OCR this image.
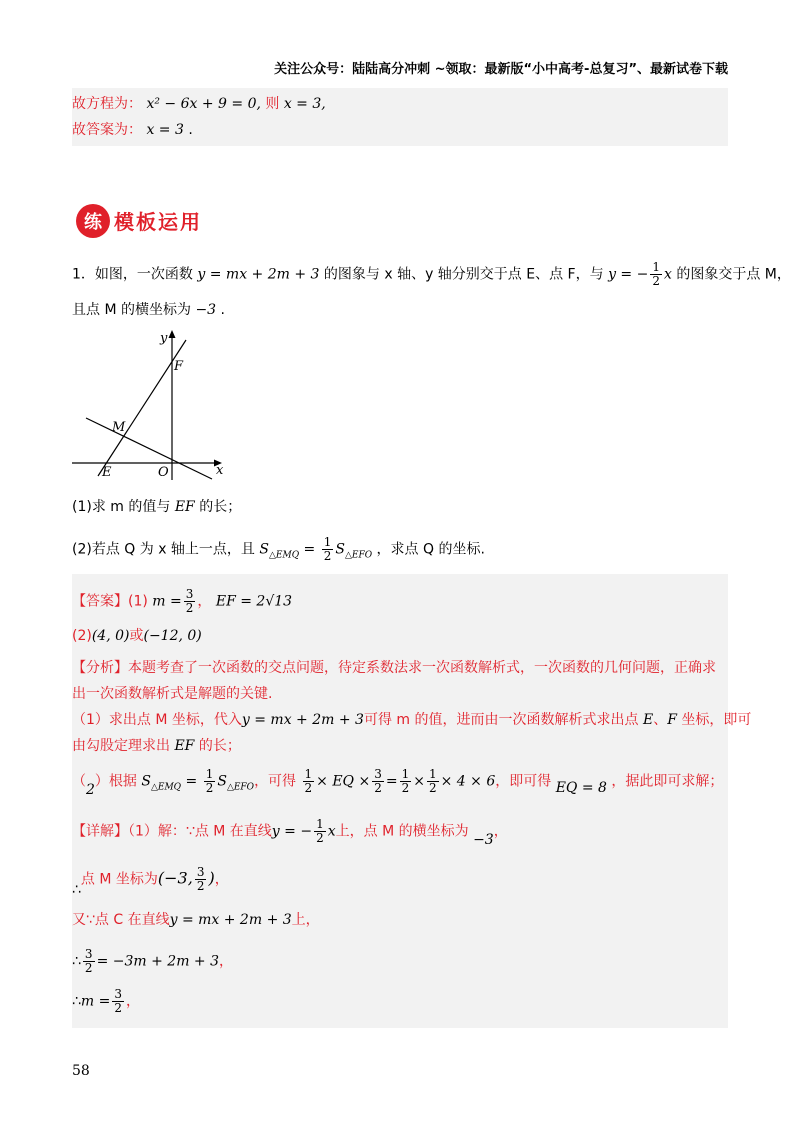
关注公众号：陆陆高分冲刺 ~领取：最新版“小中高考-总复习”、最新试卷下载
故方程为： x² − 6x + 9 = 0, 则 x = 3,
故答案为： x = 3 .
练 模板运用
1．如图，一次函数 y = mx + 2m + 3 的图象与 x 轴、y 轴分别交于点 E、点 F，与 y = − $\frac{1}{2}$ x 的图象交于点 M，
且点 M 的横坐标为 −3 .
y
x
F
M
E	O
(1)求 m 的值与 EF 的长；
(2)若点 Q 为 x 轴上一点，且 $S_{\triangle EMQ} = \frac{1}{2} S_{\triangle EFO}$ ，求点 Q 的坐标.
【答案】(1) $m = \frac{3}{2}$ ， EF = 2√13
(2)(4, 0)或(−12, 0)
【分析】本题考查了一次函数的交点问题，待定系数法求一次函数解析式，一次函数的几何问题，正确求
出一次函数解析式是解题的关键.
（1）求出点 M 坐标，代入y = mx + 2m + 3可得 m 的值，进而由一次函数解析式求出点 E、F 坐标，即可
由勾股定理求出 EF 的长；
（2）根据 $S_{\triangle EMQ} = \frac{1}{2} S_{\triangle EFO}$，可得 $\frac{1}{2}$ × EQ × $\frac{3}{2} = \frac{1}{2} \times \frac{1}{2} \times 4 \times 6$，即可得 EQ = 8 ，据此即可求解；
【详解】（1）解：∵点 M 在直线y = − $\frac{1}{2}$ x上，点 M 的横坐标为 −3，
∴点 M 坐标为(−3, $\frac{3}{2}$ )，
又∵点 C 在直线y = mx + 2m + 3上，
∴ $\frac{3}{2} = -3m + 2m + 3$，
∴m = $\frac{3}{2}$ ，
58
